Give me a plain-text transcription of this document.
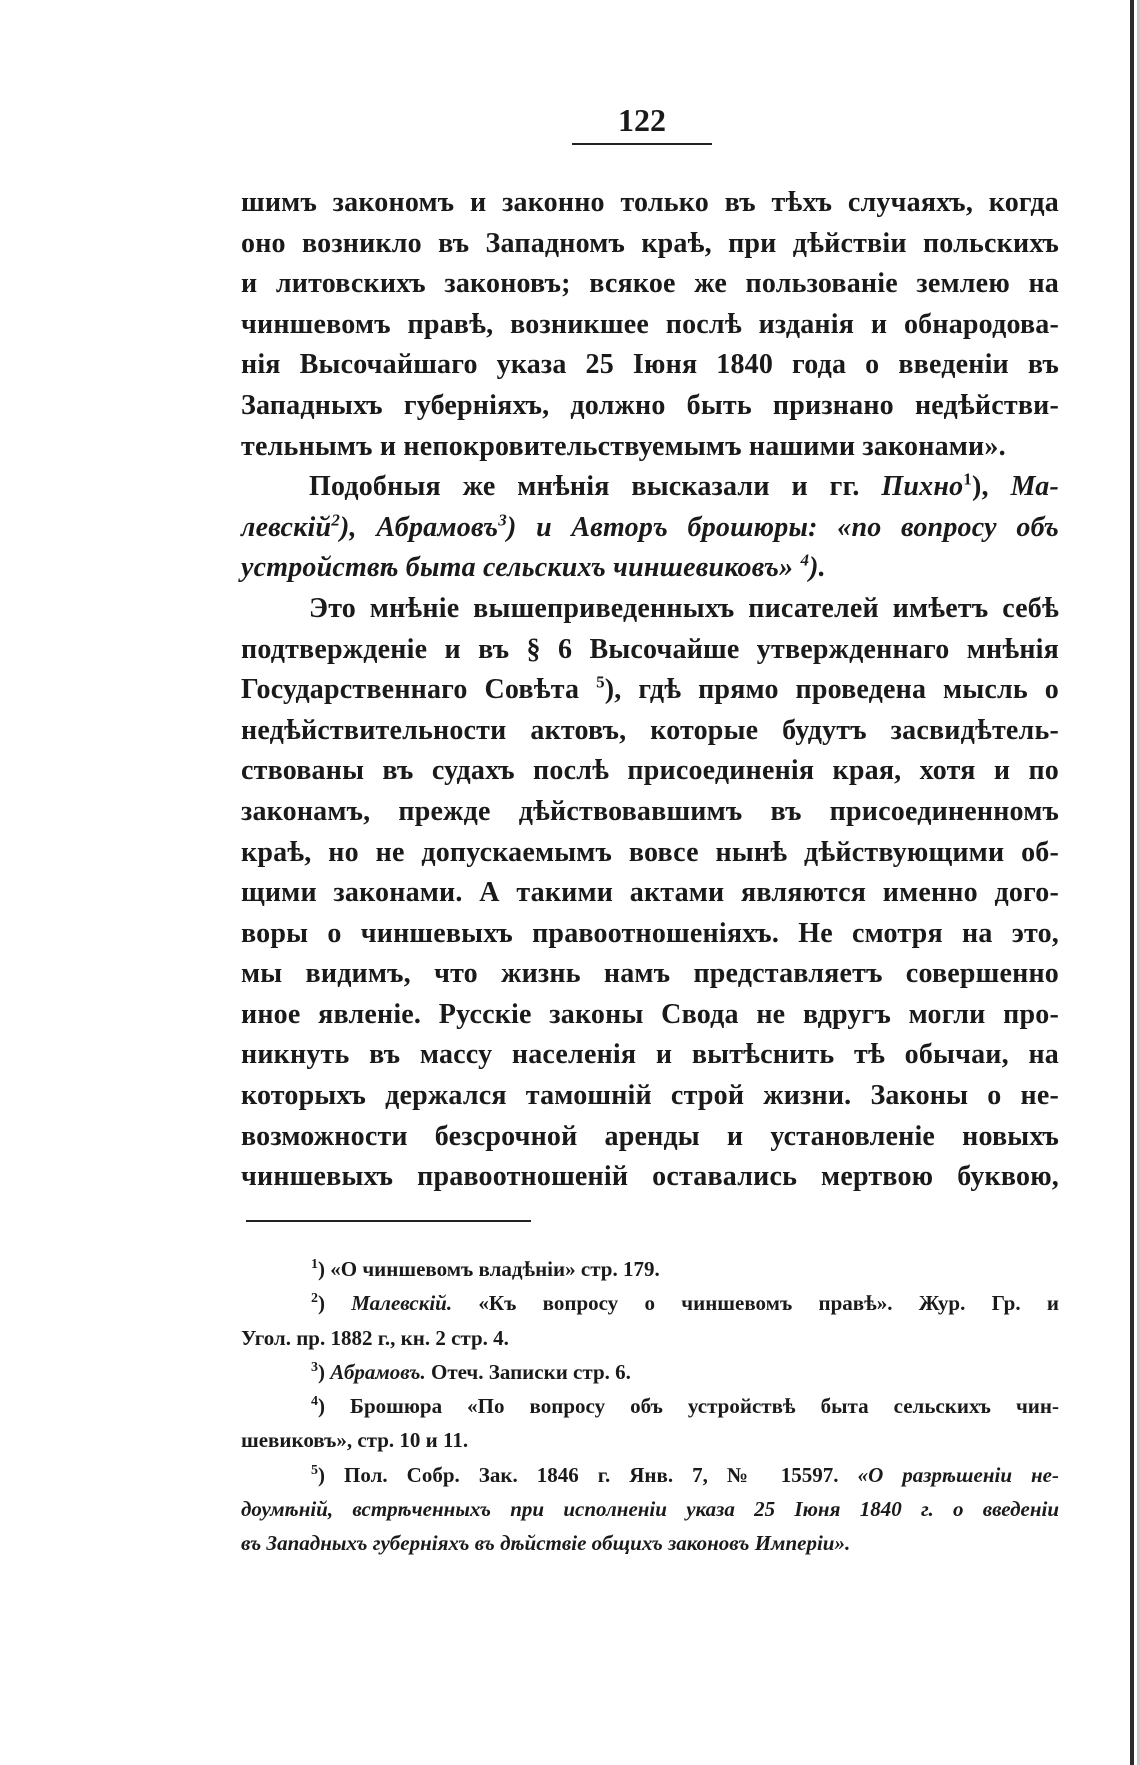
122
шимъ закономъ и законно только въ тѣхъ случаяхъ, когда
оно возникло въ Западномъ краѣ, при дѣйствіи польскихъ
и литовскихъ законовъ; всякое же пользованіе землею на
чиншевомъ правѣ, возникшее послѣ изданія и обнародова-
нія Высочайшаго указа 25 Іюня 1840 года о введеніи въ
Западныхъ губерніяхъ, должно быть признано недѣйстви-
тельнымъ и непокровительствуемымъ нашими законами».
Подобныя же мнѣнія высказали и гг. Пихно$^1$), Ма-
левскій$^2$), Абрамовъ$^3$) и Авторъ брошюры: «по вопросу объ
устройствѣ быта сельскихъ чиншевиковъ» $^4$).
Это мнѣніе вышеприведенныхъ писателей имѣетъ себѣ
подтвержденіе и въ § 6 Высочайше утвержденнаго мнѣнія
Государственнаго Совѣта $^5$), гдѣ прямо проведена мысль о
недѣйствительности актовъ, которые будутъ засвидѣтель-
ствованы въ судахъ послѣ присоединенія края, хотя и по
законамъ, прежде дѣйствовавшимъ въ присоединенномъ
краѣ, но не допускаемымъ вовсе нынѣ дѣйствующими об-
щими законами. А такими актами являются именно дого-
воры о чиншевыхъ правоотношеніяхъ. Не смотря на это,
мы видимъ, что жизнь намъ представляетъ совершенно
иное явленіе. Русскіе законы Свода не вдругъ могли про-
никнуть въ массу населенія и вытѣснить тѣ обычаи, на
которыхъ держался тамошній строй жизни. Законы о не-
возможности безсрочной аренды и установленіе новыхъ
чиншевыхъ правоотношеній оставались мертвою буквою,
$^1$) «О чиншевомъ владѣніи» стр. 179.
$^2$) Малевскій. «Къ вопросу о чиншевомъ правѣ». Жур. Гр. и
Угол. пр. 1882 г., кн. 2 стр. 4.
$^3$) Абрамовъ. Отеч. Записки стр. 6.
$^4$) Брошюра «По вопросу объ устройствѣ быта сельскихъ чин-
шевиковъ», стр. 10 и 11.
$^5$) Пол. Собр. Зак. 1846 г. Янв. 7, № 15597. «О разрѣшеніи не-
доумѣній, встрѣченныхъ при исполненіи указа 25 Іюня 1840 г. о введеніи
въ Западныхъ губерніяхъ въ дѣйствіе общихъ законовъ Имперіи».
